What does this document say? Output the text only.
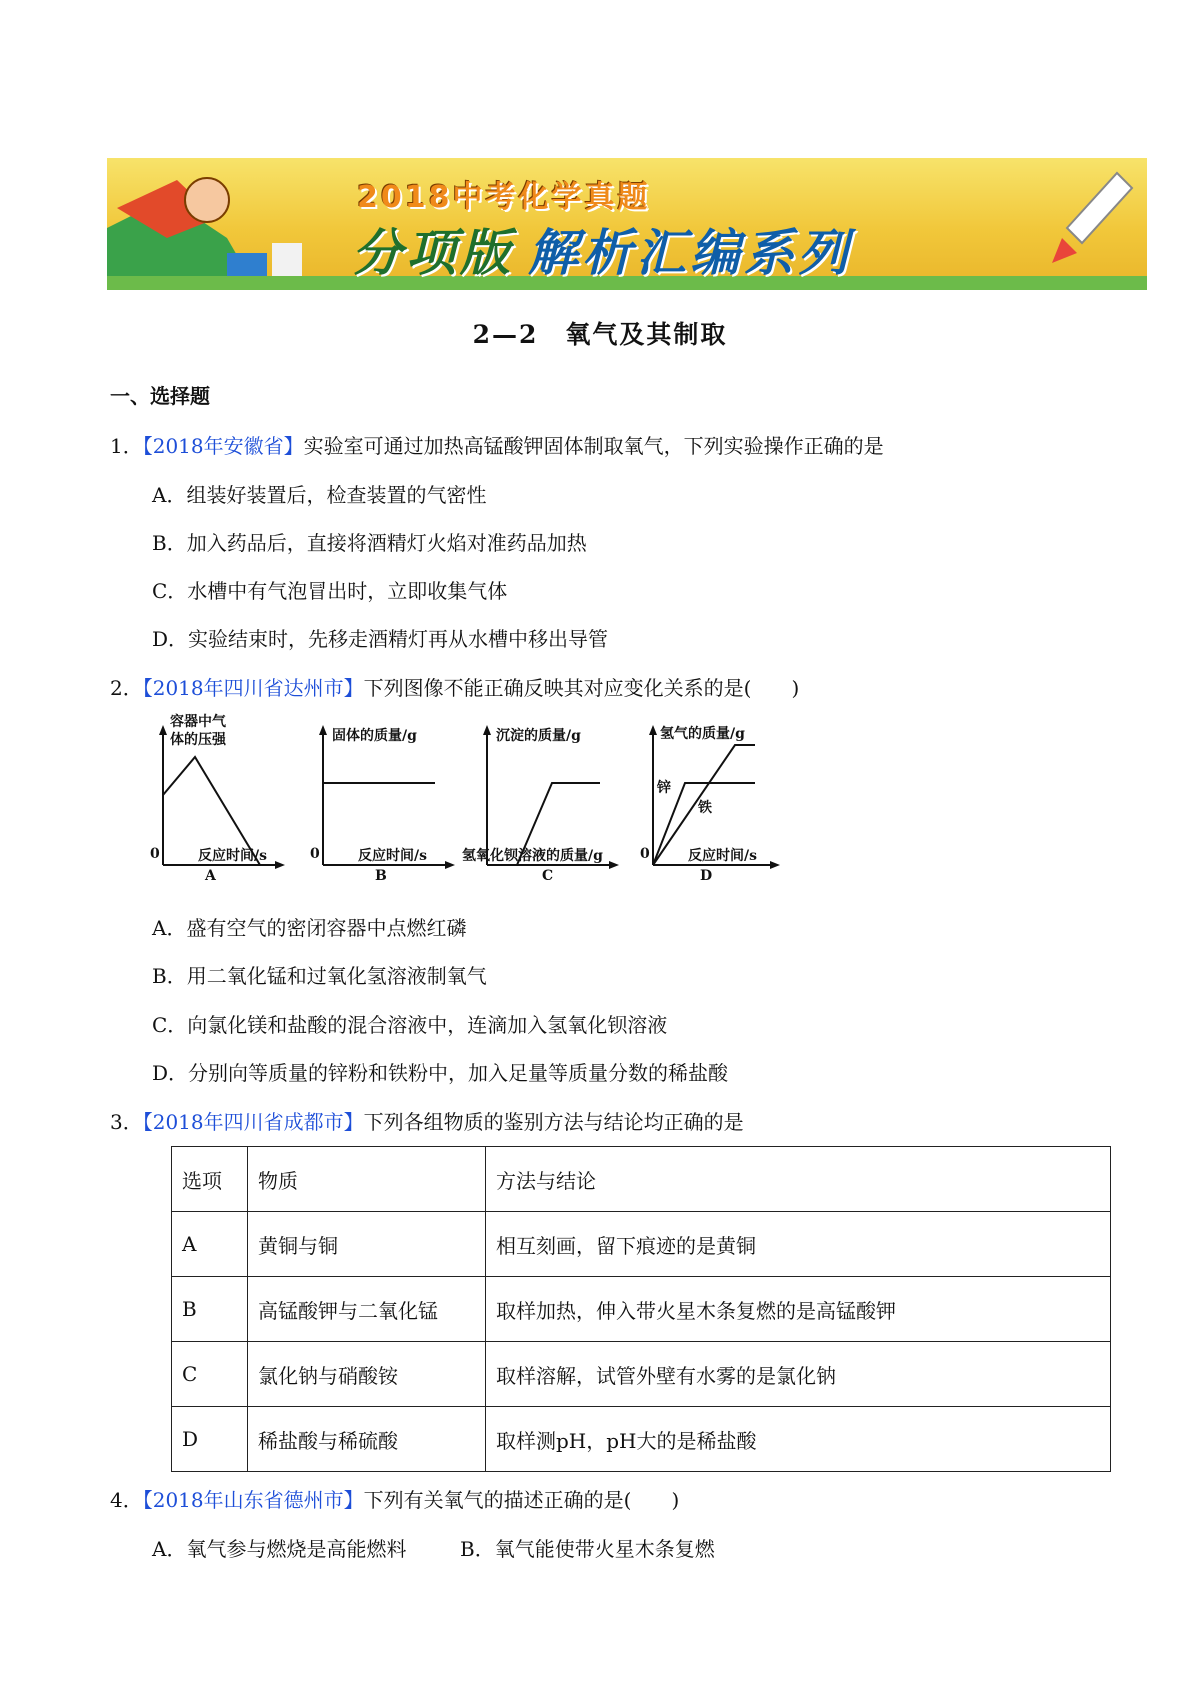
2018中考化学真题
分项版 解析汇编系列
2—2　氧气及其制取
一、选择题
1．【2018年安徽省】实验室可通过加热高锰酸钾固体制取氧气，下列实验操作正确的是
A．组装好装置后，检查装置的气密性
B．加入药品后，直接将酒精灯火焰对准药品加热
C．水槽中有气泡冒出时，立即收集气体
D．实验结束时，先移走酒精灯再从水槽中移出导管
2．【2018年四川省达州市】下列图像不能正确反映其对应变化关系的是(　　)
容器中气
体的压强
0	反应时间/s
A
固体的质量/g
0	反应时间/s
B
沉淀的质量/g
氢氧化钡溶液的质量/g
C
氢气的质量/g
锌
铁
0	反应时间/s
D
A．盛有空气的密闭容器中点燃红磷
B．用二氧化锰和过氧化氢溶液制氧气
C．向氯化镁和盐酸的混合溶液中，连滴加入氢氧化钡溶液
D．分别向等质量的锌粉和铁粉中，加入足量等质量分数的稀盐酸
3．【2018年四川省成都市】下列各组物质的鉴别方法与结论均正确的是
选项	物质	方法与结论
A	黄铜与铜	相互刻画，留下痕迹的是黄铜
B	高锰酸钾与二氧化锰	取样加热，伸入带火星木条复燃的是高锰酸钾
C	氯化钠与硝酸铵	取样溶解，试管外壁有水雾的是氯化钠
D	稀盐酸与稀硫酸	取样测pH，pH大的是稀盐酸
4．【2018年山东省德州市】下列有关氧气的描述正确的是(　　)
A．氧气参与燃烧是高能燃料	B．氧气能使带火星木条复燃
